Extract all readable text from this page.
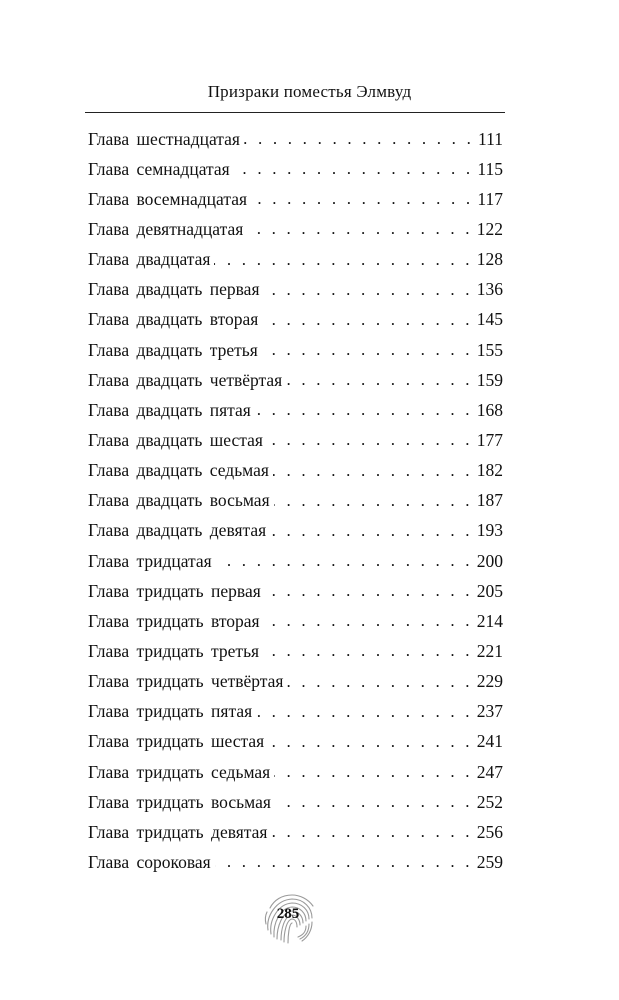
Призраки поместья Элмвуд
Глава шестнадцатая . . .	111
Глава семнадцатая . . .	115
Глава восемнадцатая . . .	117
Глава девятнадцатая . . .	122
Глава двадцатая . . .	128
Глава двадцать первая . . .	136
Глава двадцать вторая . . .	145
Глава двадцать третья . . .	155
Глава двадцать четвёртая . . .	159
Глава двадцать пятая . . .	168
Глава двадцать шестая . . .	177
Глава двадцать седьмая . . .	182
Глава двадцать восьмая . . .	187
Глава двадцать девятая . . .	193
Глава тридцатая . . .	200
Глава тридцать первая . . .	205
Глава тридцать вторая . . .	214
Глава тридцать третья . . .	221
Глава тридцать четвёртая . . .	229
Глава тридцать пятая . . .	237
Глава тридцать шестая . . .	241
Глава тридцать седьмая . . .	247
Глава тридцать восьмая . . .	252
Глава тридцать девятая . . .	256
Глава сороковая . . .	259
285
